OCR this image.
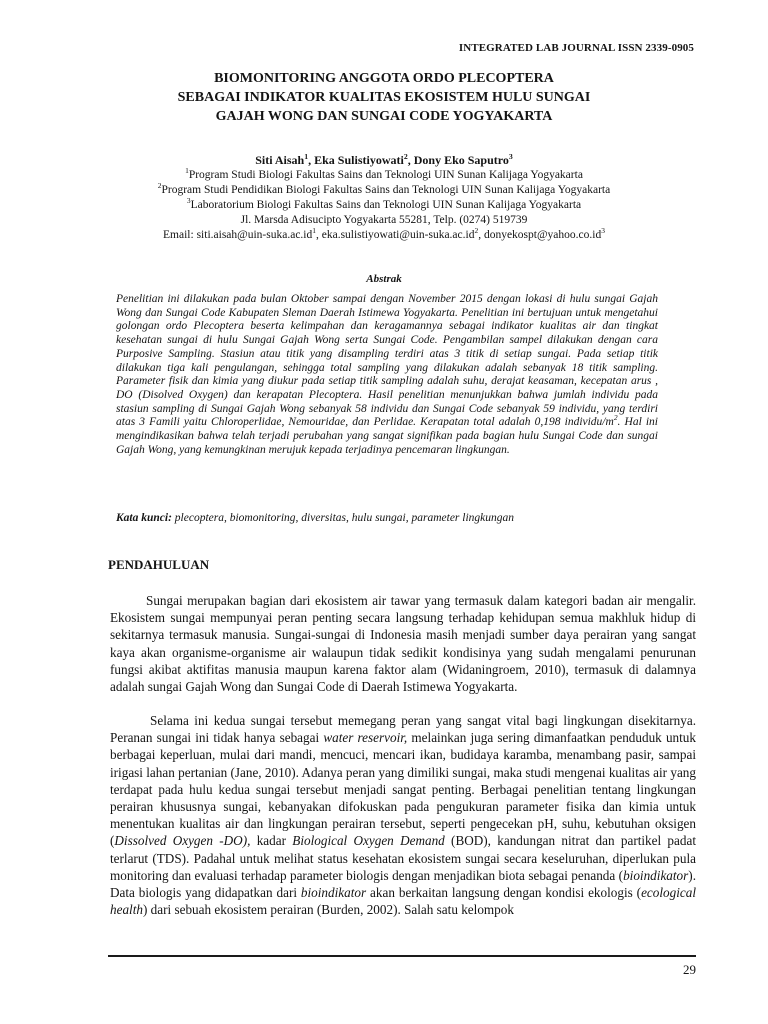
INTEGRATED LAB JOURNAL ISSN 2339-0905
BIOMONITORING ANGGOTA ORDO PLECOPTERA
SEBAGAI INDIKATOR KUALITAS EKOSISTEM HULU SUNGAI
GAJAH WONG DAN SUNGAI CODE YOGYAKARTA
Siti Aisah$^1$, Eka Sulistiyowati$^2$, Dony Eko Saputro$^3$
$^1$Program Studi Biologi Fakultas Sains dan Teknologi UIN Sunan Kalijaga Yogyakarta
$^2$Program Studi Pendidikan Biologi Fakultas Sains dan Teknologi UIN Sunan Kalijaga Yogyakarta
$^3$Laboratorium Biologi Fakultas Sains dan Teknologi UIN Sunan Kalijaga Yogyakarta
Jl. Marsda Adisucipto Yogyakarta 55281, Telp. (0274) 519739
Email: $siti.aisah@uin-suka.ac.id^1$, $eka.sulistiyowati@uin-suka.ac.id^2$, $donyekospt@yahoo.co.id^3$
Abstrak

Penelitian ini dilakukan pada bulan Oktober sampai dengan November 2015 dengan lokasi di hulu sungai Gajah Wong dan Sungai Code Kabupaten Sleman Daerah Istimewa Yogyakarta. Penelitian ini bertujuan untuk mengetahui golongan ordo Plecoptera beserta kelimpahan dan keragamannya sebagai indikator kualitas air dan tingkat kesehatan sungai di hulu Sungai Gajah Wong serta Sungai Code. Pengambilan sampel dilakukan dengan cara Purposive Sampling. Stasiun atau titik yang disampling terdiri atas 3 titik di setiap sungai. Pada setiap titik dilakukan tiga kali pengulangan, sehingga total sampling yang dilakukan adalah sebanyak 18 titik sampling. Parameter fisik dan kimia yang diukur pada setiap titik sampling adalah suhu, derajat keasaman, kecepatan arus , DO (Disolved Oxygen) dan kerapatan Plecoptera. Hasil penelitian menunjukkan bahwa jumlah individu pada stasiun sampling di Sungai Gajah Wong sebanyak 58 individu dan Sungai Code sebanyak 59 individu, yang terdiri atas 3 Famili yaitu Chloroperlidae, Nemouridae, dan Perlidae. Kerapatan total adalah 0,198 individu/$m^2$. Hal ini mengindikasikan bahwa telah terjadi perubahan yang sangat signifikan pada bagian hulu Sungai Code dan sungai Gajah Wong, yang kemungkinan merujuk kepada terjadinya pencemaran lingkungan.

Kata kunci: plecoptera, biomonitoring, diversitas, hulu sungai, parameter lingkungan
PENDAHULUAN

Sungai merupakan bagian dari ekosistem air tawar yang termasuk dalam kategori badan air mengalir. Ekosistem sungai mempunyai peran penting secara langsung terhadap kehidupan semua makhluk hidup di sekitarnya termasuk manusia. Sungai-sungai di Indonesia masih menjadi sumber daya perairan yang sangat kaya akan organisme-organisme air walaupun tidak sedikit kondisinya yang sudah mengalami penurunan fungsi akibat aktifitas manusia maupun karena faktor alam (Widaningroem, 2010), termasuk di dalamnya adalah sungai Gajah Wong dan Sungai Code di Daerah Istimewa Yogyakarta.

Selama ini kedua sungai tersebut memegang peran yang sangat vital bagi lingkungan disekitarnya. Peranan sungai ini tidak hanya sebagai water reservoir, melainkan juga sering dimanfaatkan penduduk untuk berbagai keperluan, mulai dari mandi, mencuci, mencari ikan, budidaya karamba, menambang pasir, sampai irigasi lahan pertanian (Jane, 2010). Adanya peran yang dimiliki sungai, maka studi mengenai kualitas air yang terdapat pada hulu kedua sungai tersebut menjadi sangat penting. Berbagai penelitian tentang lingkungan perairan khususnya sungai, kebanyakan difokuskan pada pengukuran parameter fisika dan kimia untuk menentukan kualitas air dan lingkungan perairan tersebut, seperti pengecekan pH, suhu, kebutuhan oksigen (Dissolved Oxygen -DO), kadar Biological Oxygen Demand (BOD), kandungan nitrat dan partikel padat terlarut (TDS). Padahal untuk melihat status kesehatan ekosistem sungai secara keseluruhan, diperlukan pula monitoring dan evaluasi terhadap parameter biologis dengan menjadikan biota sebagai penanda (bioindikator). Data biologis yang didapatkan dari bioindikator akan berkaitan langsung dengan kondisi ekologis (ecological health) dari sebuah ekosistem perairan (Burden, 2002). Salah satu kelompok

29
